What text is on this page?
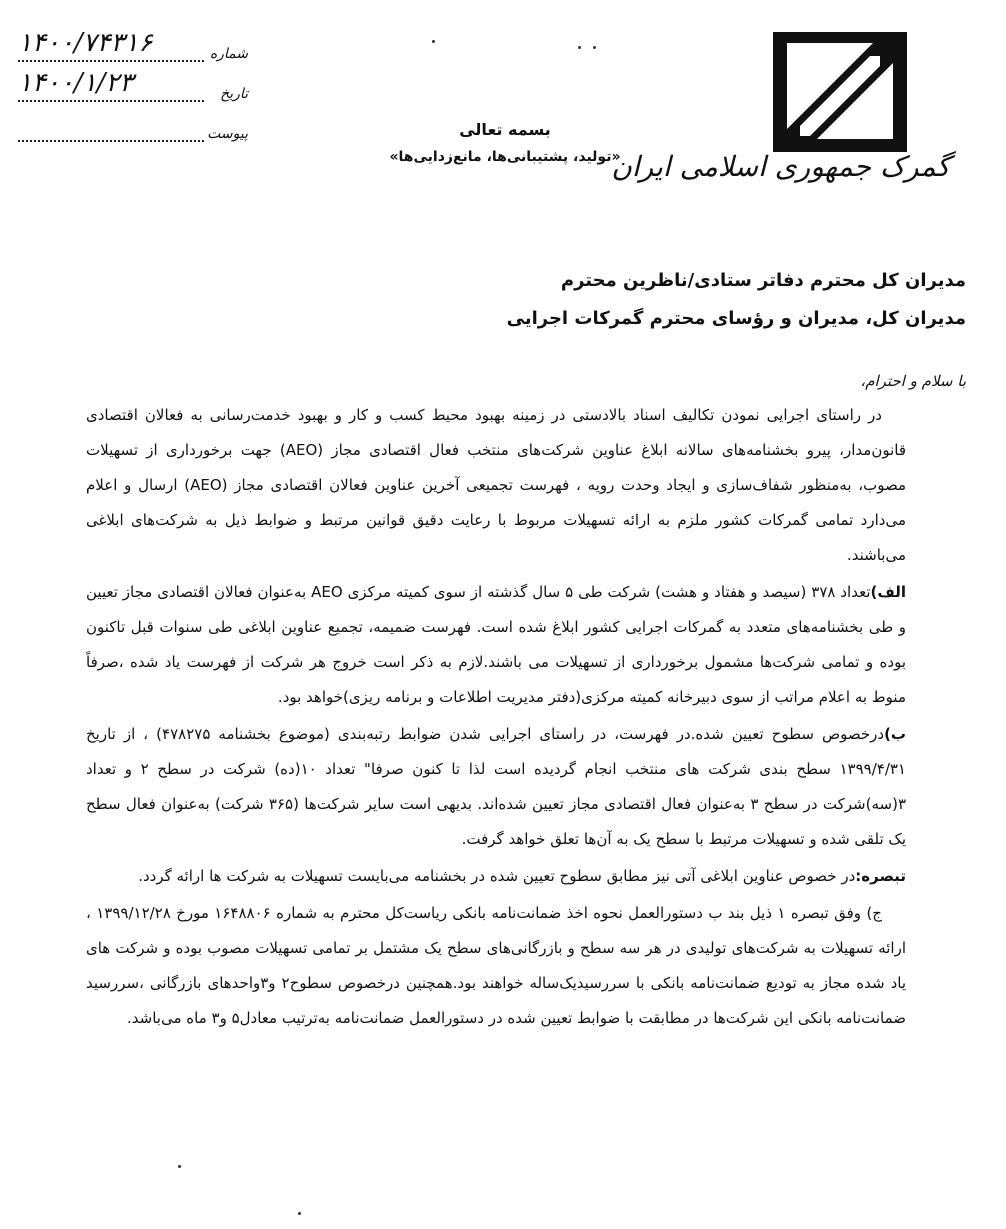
شماره
۱۴۰۰/۷۴۳۱۶
تاریخ
۱۴۰۰/۱/۲۳
پیوست	بسمه تعالی
«تولید، پشتیبانی‌ها، مانع‌زدایی‌ها»
گمرک جمهوری اسلامی ایران
مدیران کل محترم دفاتر ستادی/ناظرین محترم
مدیران کل، مدیران و رؤسای محترم گمرکات اجرایی
با سلام و احترام،

در راستای اجرایی نمودن تکالیف اسناد بالادستی در زمینه بهبود محیط کسب و کار و بهبود خدمت‌رسانی به فعالان اقتصادی قانون‌مدار، پیرو بخشنامه‌های سالانه ابلاغ عناوین شرکت‌های منتخب فعال اقتصادی مجاز (AEO) جهت برخورداری از تسهیلات مصوب، به‌منظور شفاف‌سازی و ایجاد وحدت رویه ، فهرست تجمیعی آخرین عناوین فعالان اقتصادی مجاز (AEO) ارسال و اعلام می‌دارد تمامی گمرکات کشور ملزم به ارائه تسهیلات مربوط با رعایت دقیق قوانین مرتبط و ضوابط ذیل به شرکت‌های ابلاغی می‌باشند.

الف)تعداد ۳۷۸ (سیصد و هفتاد و هشت) شرکت طی ۵ سال گذشته از سوی کمیته مرکزی AEO به‌عنوان فعالان اقتصادی مجاز تعیین و طی بخشنامه‌های متعدد به گمرکات اجرایی کشور ابلاغ شده است. فهرست ضمیمه، تجمیع عناوین ابلاغی طی سنوات قبل تاکنون بوده و تمامی شرکت‌ها مشمول برخورداری از تسهیلات می باشند.لازم به ذکر است خروج هر شرکت از فهرست یاد شده ،صرفاً منوط به اعلام مراتب از سوی دبیرخانه کمیته مرکزی(دفتر مدیریت اطلاعات و برنامه ریزی)خواهد بود.

ب)درخصوص سطوح تعیین شده.در فهرست، در راستای اجرایی شدن ضوابط رتبه‌بندی (موضوع بخشنامه ۴۷۸۲۷۵) ، از تاریخ ۱۳۹۹/۴/۳۱ سطح بندی شرکت های منتخب انجام گردیده است لذا تا کنون صرفا" تعداد ۱۰(ده) شرکت در سطح ۲ و تعداد ۳(سه)شرکت در سطح ۳ به‌عنوان فعال اقتصادی مجاز تعیین شده‌اند. بدیهی است سایر شرکت‌ها (۳۶۵ شرکت) به‌عنوان فعال سطح یک تلقی شده و تسهیلات مرتبط با سطح یک به آن‌ها تعلق خواهد گرفت.

تبصره:در خصوص عناوین ابلاغی آتی نیز مطابق سطوح تعیین شده در بخشنامه می‌بایست تسهیلات به شرکت ها ارائه گردد.

ج) وفق تبصره ۱ ذیل بند ب دستورالعمل نحوه اخذ ضمانت‌نامه بانکی ریاست‌کل محترم به شماره ۱۶۴۸۸۰۶ مورخ ۱۳۹۹/۱۲/۲۸ ، ارائه تسهیلات به شرکت‌های تولیدی در هر سه سطح و بازرگانی‌های سطح یک مشتمل بر تمامی تسهیلات مصوب بوده و شرکت های یاد شده مجاز به تودیع ضمانت‌نامه بانکی با سررسیدیک‌ساله خواهند بود.همچنین درخصوص سطوح۲ و۳واحدهای بازرگانی ،سررسید ضمانت‌نامه بانکی این شرکت‌ها در مطابقت با ضوابط تعیین شده در دستورالعمل ضمانت‌نامه به‌ترتیب معادل۵ و۳ ماه می‌باشد.
